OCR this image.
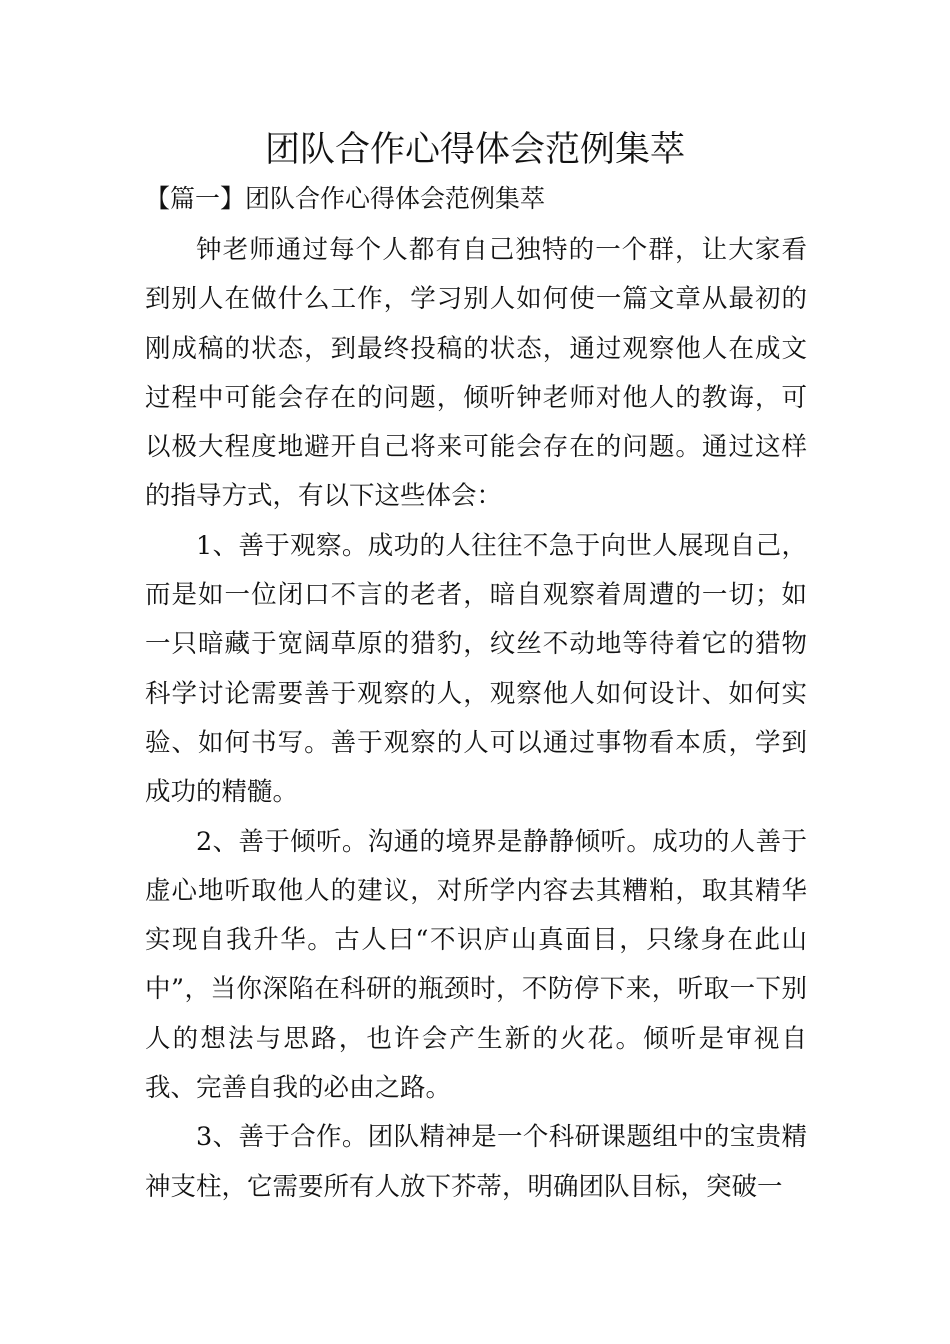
团队合作心得体会范例集萃

【篇一】团队合作心得体会范例集萃

钟老师通过每个人都有自己独特的一个群，让大家看到别人在做什么工作，学习别人如何使一篇文章从最初的刚成稿的状态，到最终投稿的状态，通过观察他人在成文过程中可能会存在的问题，倾听钟老师对他人的教诲，可以极大程度地避开自己将来可能会存在的问题。通过这样的指导方式，有以下这些体会：

1、善于观察。成功的人往往不急于向世人展现自己，而是如一位闭口不言的老者，暗自观察着周遭的一切；如一只暗藏于宽阔草原的猎豹，纹丝不动地等待着它的猎物科学讨论需要善于观察的人，观察他人如何设计、如何实验、如何书写。善于观察的人可以通过事物看本质，学到成功的精髓。

2、善于倾听。沟通的境界是静静倾听。成功的人善于虚心地听取他人的建议，对所学内容去其糟粕，取其精华实现自我升华。古人曰“不识庐山真面目，只缘身在此山中”，当你深陷在科研的瓶颈时，不防停下来，听取一下别人的想法与思路，也许会产生新的火花。倾听是审视自我、完善自我的必由之路。

3、善于合作。团队精神是一个科研课题组中的宝贵精神支柱，它需要所有人放下芥蒂，明确团队目标，突破一
